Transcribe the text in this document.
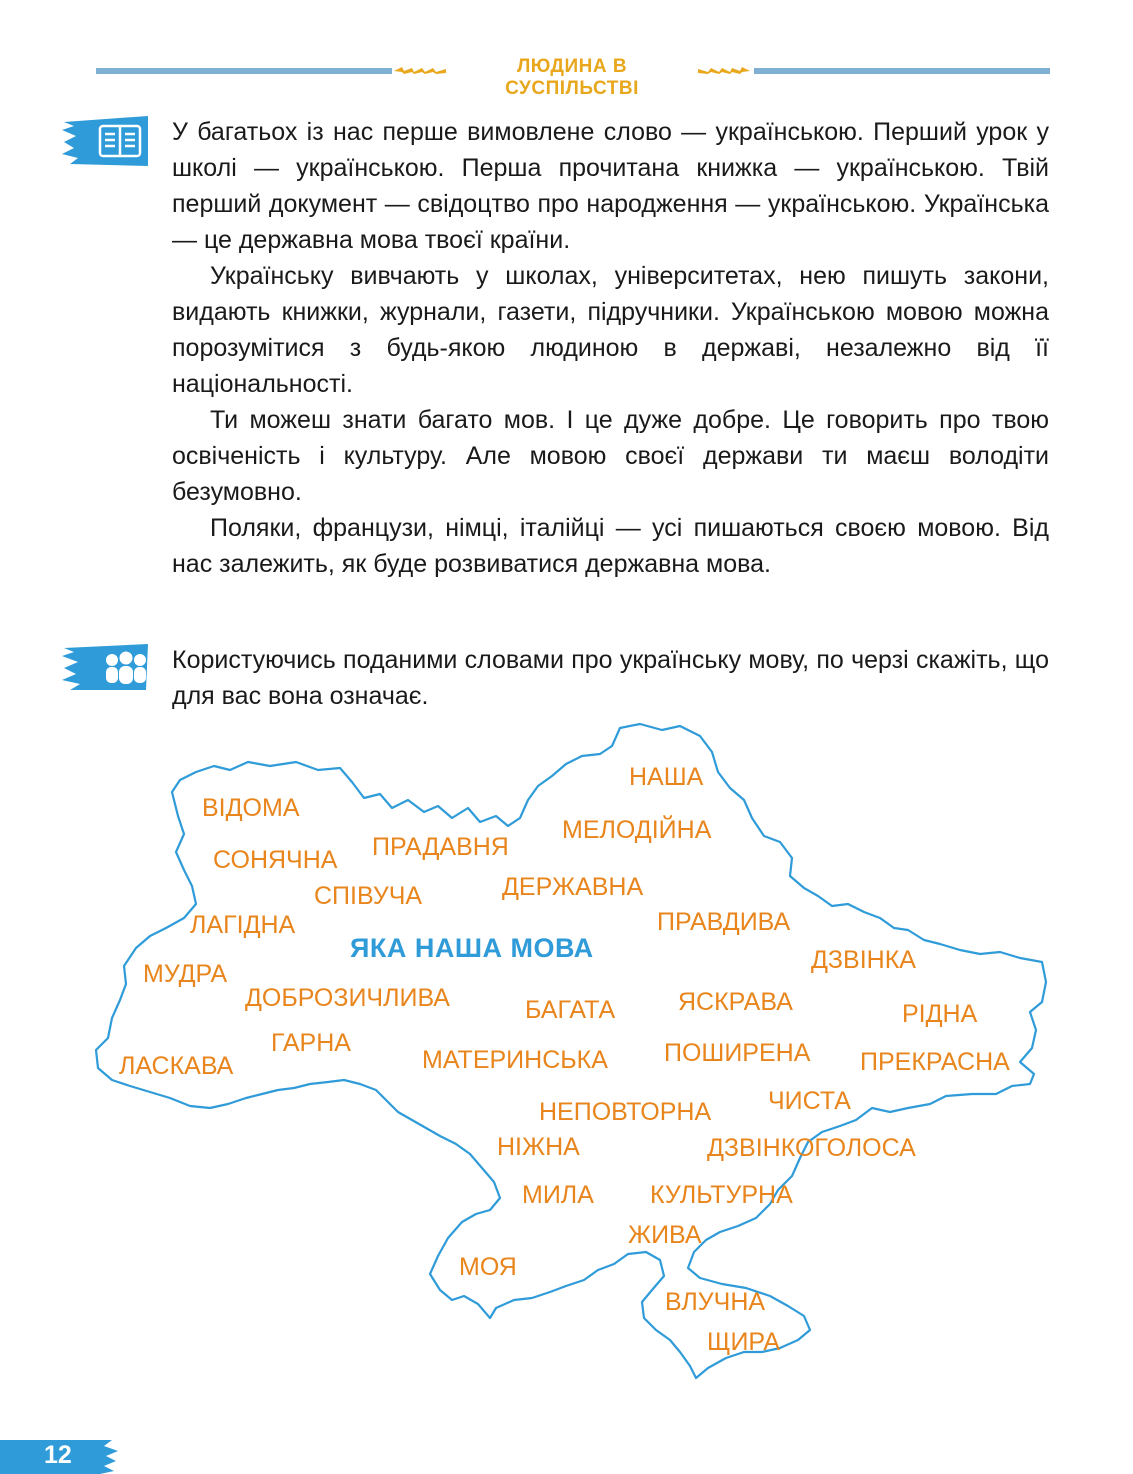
ЛЮДИНА В СУСПІЛЬСТВІ

У багатьох із нас перше вимовлене слово — українською. Перший урок у школі — українською. Перша прочитана книжка — українською. Твій перший документ — свідоцтво про народження — українською. Українська — це державна мова твоєї країни.

Українську вивчають у школах, університетах, нею пишуть закони, видають книжки, журнали, газети, підручники. Українською мовою можна порозумітися з будь-якою людиною в державі, незалежно від її національності.

Ти можеш знати багато мов. І це дуже добре. Це говорить про твою освіченість і культуру. Але мовою своєї держави ти маєш володіти безумовно.

Поляки, французи, німці, італійці — усі пишаються своєю мовою. Від нас залежить, як буде розвиватися державна мова.

Користуючись поданими словами про українську мову, по черзі скажіть, що для вас вона означає.

ЯКА НАША МОВА
НАША
ВІДОМА
МЕЛОДІЙНА
ПРАДАВНЯ
СОНЯЧНА
СПІВУЧА	ДЕРЖАВНА
ЛАГІДНА	ПРАВДИВА
ДЗВІНКА
МУДРА
ДОБРОЗИЧЛИВА	БАГАТА	ЯСКРАВА	РІДНА
ГАРНА
ЛАСКАВА	МАТЕРИНСЬКА ПОШИРЕНА ПРЕКРАСНА
ЧИСТА
НЕПОВТОРНА
НІЖНА	ДЗВІНКОГОЛОСА
МИЛА КУЛЬТУРНА
ЖИВА
МОЯ
ВЛУЧНА
ЩИРА
12
